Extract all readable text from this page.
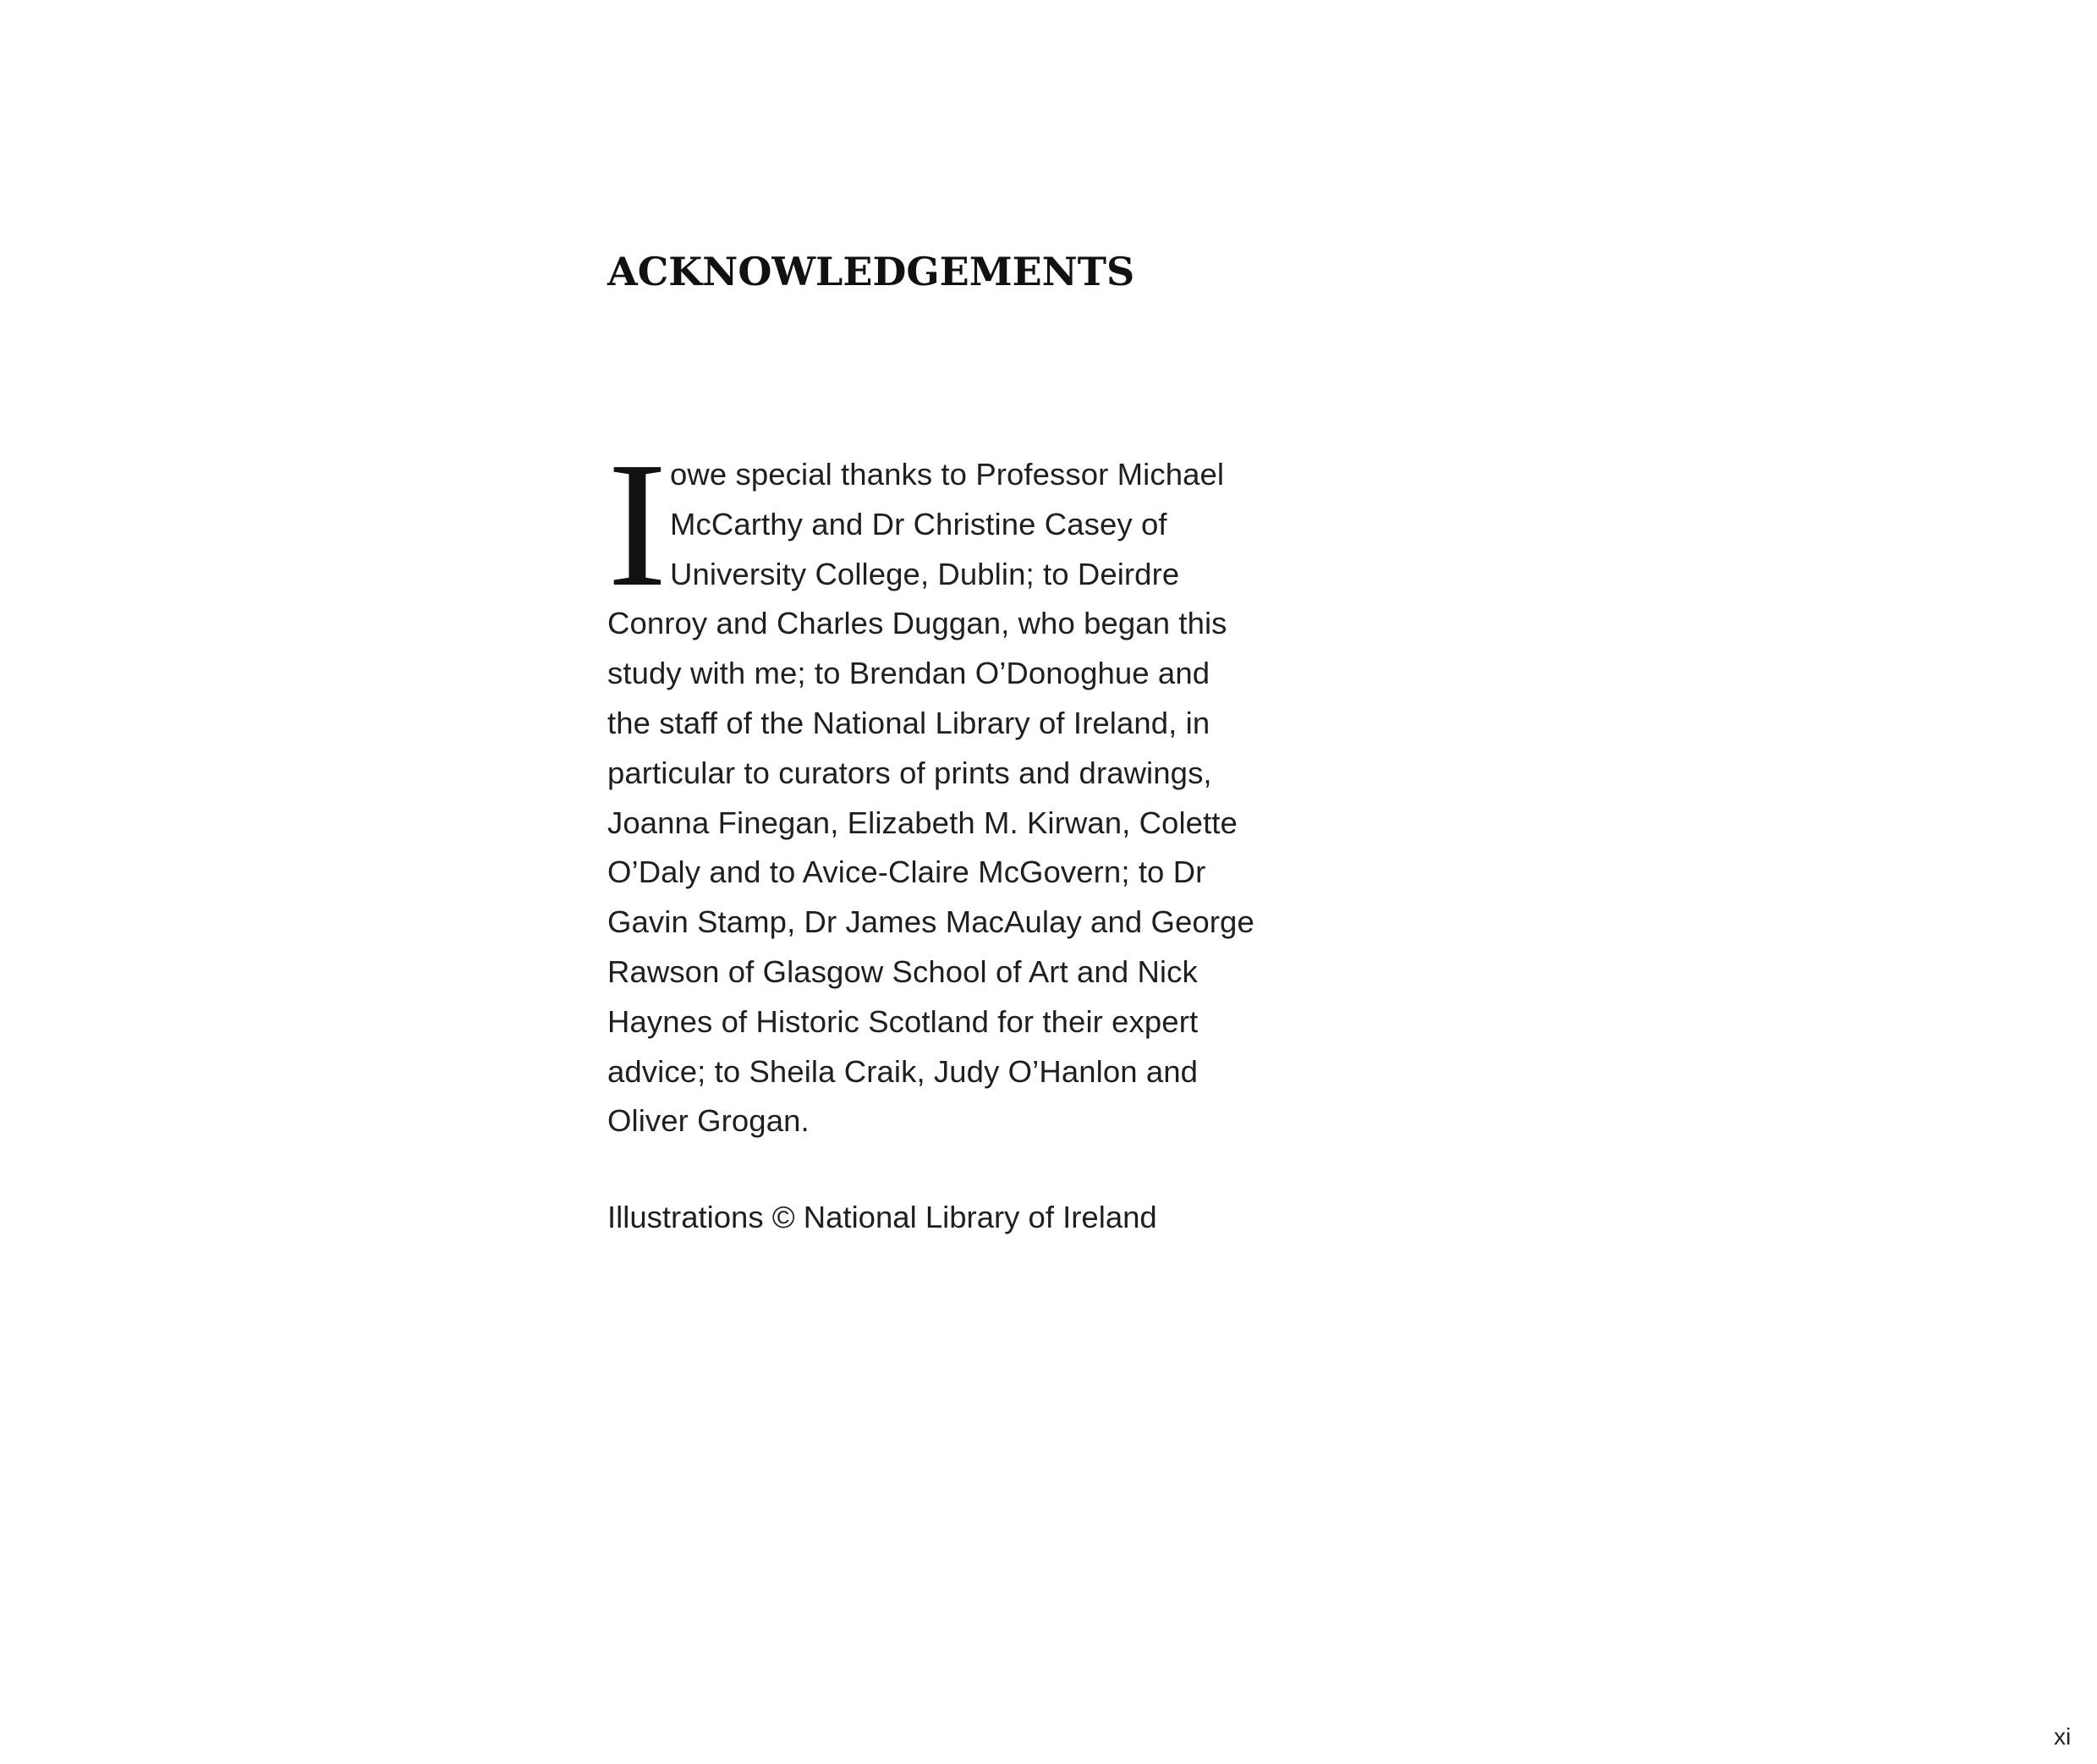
ACKNOWLEDGEMENTS
I owe special thanks to Professor Michael
McCarthy and Dr Christine Casey of
University College, Dublin; to Deirdre
Conroy and Charles Duggan, who began this
study with me; to Brendan O’Donoghue and
the staff of the National Library of Ireland, in
particular to curators of prints and drawings,
Joanna Finegan, Elizabeth M. Kirwan, Colette
O’Daly and to Avice-Claire McGovern; to Dr
Gavin Stamp, Dr James MacAulay and George
Rawson of Glasgow School of Art and Nick
Haynes of Historic Scotland for their expert
advice; to Sheila Craik, Judy O’Hanlon and
Oliver Grogan.

Illustrations © National Library of Ireland

xi
